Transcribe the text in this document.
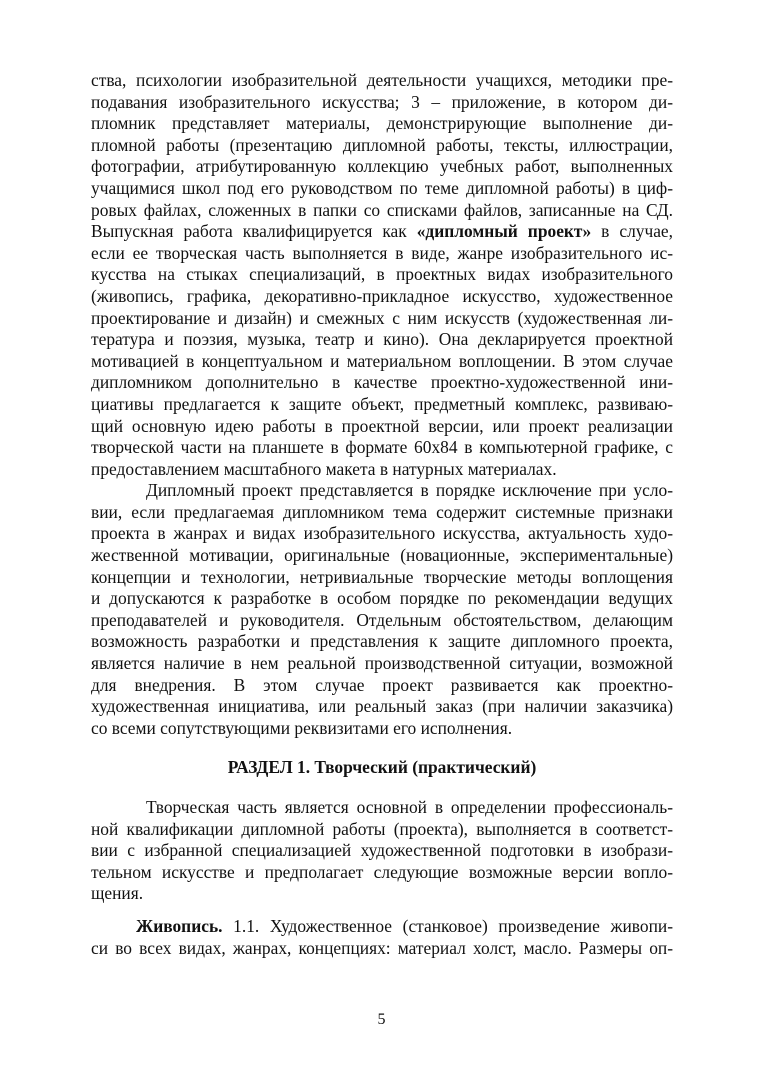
ства, психологии изобразительной деятельности учащихся, методики пре-
подавания изобразительного искусства; 3 – приложение, в котором ди-
пломник представляет материалы, демонстрирующие выполнение ди-
пломной работы (презентацию дипломной работы, тексты, иллюстрации,
фотографии, атрибутированную коллекцию учебных работ, выполненных
учащимися школ под его руководством по теме дипломной работы) в циф-
ровых файлах, сложенных в папки со списками файлов, записанные на СД.
Выпускная работа квалифицируется как «дипломный проект» в случае,
если ее творческая часть выполняется в виде, жанре изобразительного ис-
кусства на стыках специализаций, в проектных видах изобразительного
(живопись, графика, декоративно-прикладное искусство, художественное
проектирование и дизайн) и смежных с ним искусств (художественная ли-
тература и поэзия, музыка, театр и кино). Она декларируется проектной
мотивацией в концептуальном и материальном воплощении. В этом случае
дипломником дополнительно в качестве проектно-художественной ини-
циативы предлагается к защите объект, предметный комплекс, развиваю-
щий основную идею работы в проектной версии, или проект реализации
творческой части на планшете в формате 60х84 в компьютерной графике, с
предоставлением масштабного макета в натурных материалах.
Дипломный проект представляется в порядке исключение при усло-
вии, если предлагаемая дипломником тема содержит системные признаки
проекта в жанрах и видах изобразительного искусства, актуальность худо-
жественной мотивации, оригинальные (новационные, экспериментальные)
концепции и технологии, нетривиальные творческие методы воплощения
и допускаются к разработке в особом порядке по рекомендации ведущих
преподавателей и руководителя. Отдельным обстоятельством, делающим
возможность разработки и представления к защите дипломного проекта,
является наличие в нем реальной производственной ситуации, возможной
для внедрения. В этом случае проект развивается как проектно-
художественная инициатива, или реальный заказ (при наличии заказчика)
со всеми сопутствующими реквизитами его исполнения.
РАЗДЕЛ 1. Творческий (практический)
Творческая часть является основной в определении профессиональ-
ной квалификации дипломной работы (проекта), выполняется в соответст-
вии с избранной специализацией художественной подготовки в изобрази-
тельном искусстве и предполагает следующие возможные версии вопло-
щения.
Живопись. 1.1. Художественное (станковое) произведение живопи-
си во всех видах, жанрах, концепциях: материал холст, масло. Размеры оп-
5
